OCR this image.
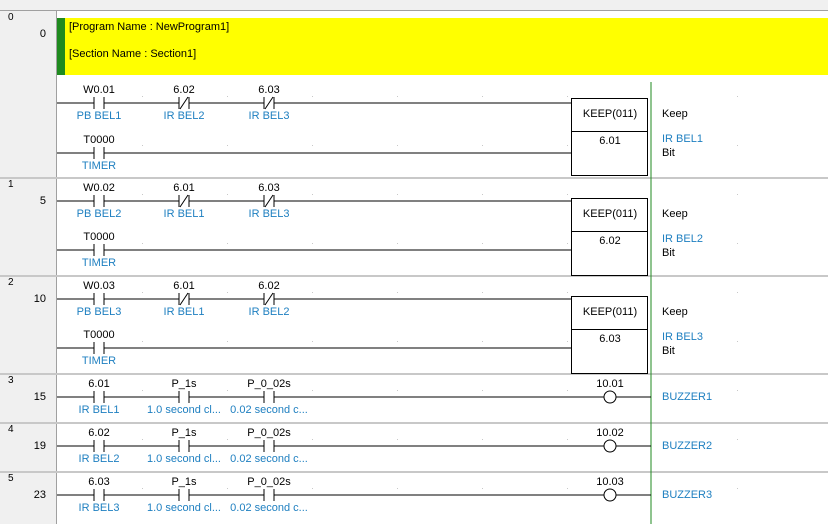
[Program Name : NewProgram1]
[Section Name : Section1]
0
0
1
5
2
10
3
15
4
19
5
23
W0.01
PB BEL1
6.02
IR BEL2
6.03
IR BEL3
T0000
TIMER
KEEP(011)
6.01
Keep
IR BEL1
Bit
W0.02
PB BEL2
6.01
IR BEL1
6.03
IR BEL3
T0000
TIMER
KEEP(011)
6.02
Keep
IR BEL2
Bit
W0.03
PB BEL3
6.01
IR BEL1
6.02
IR BEL2
T0000
TIMER
KEEP(011)
6.03
Keep
IR BEL3
Bit
6.01
IR BEL1
P_1s
1.0 second cl...
P_0_02s
0.02 second c...
10.01
BUZZER1
6.02
IR BEL2
P_1s
1.0 second cl...
P_0_02s
0.02 second c...
10.02
BUZZER2
6.03
IR BEL3
P_1s
1.0 second cl...
P_0_02s
0.02 second c...
10.03
BUZZER3
